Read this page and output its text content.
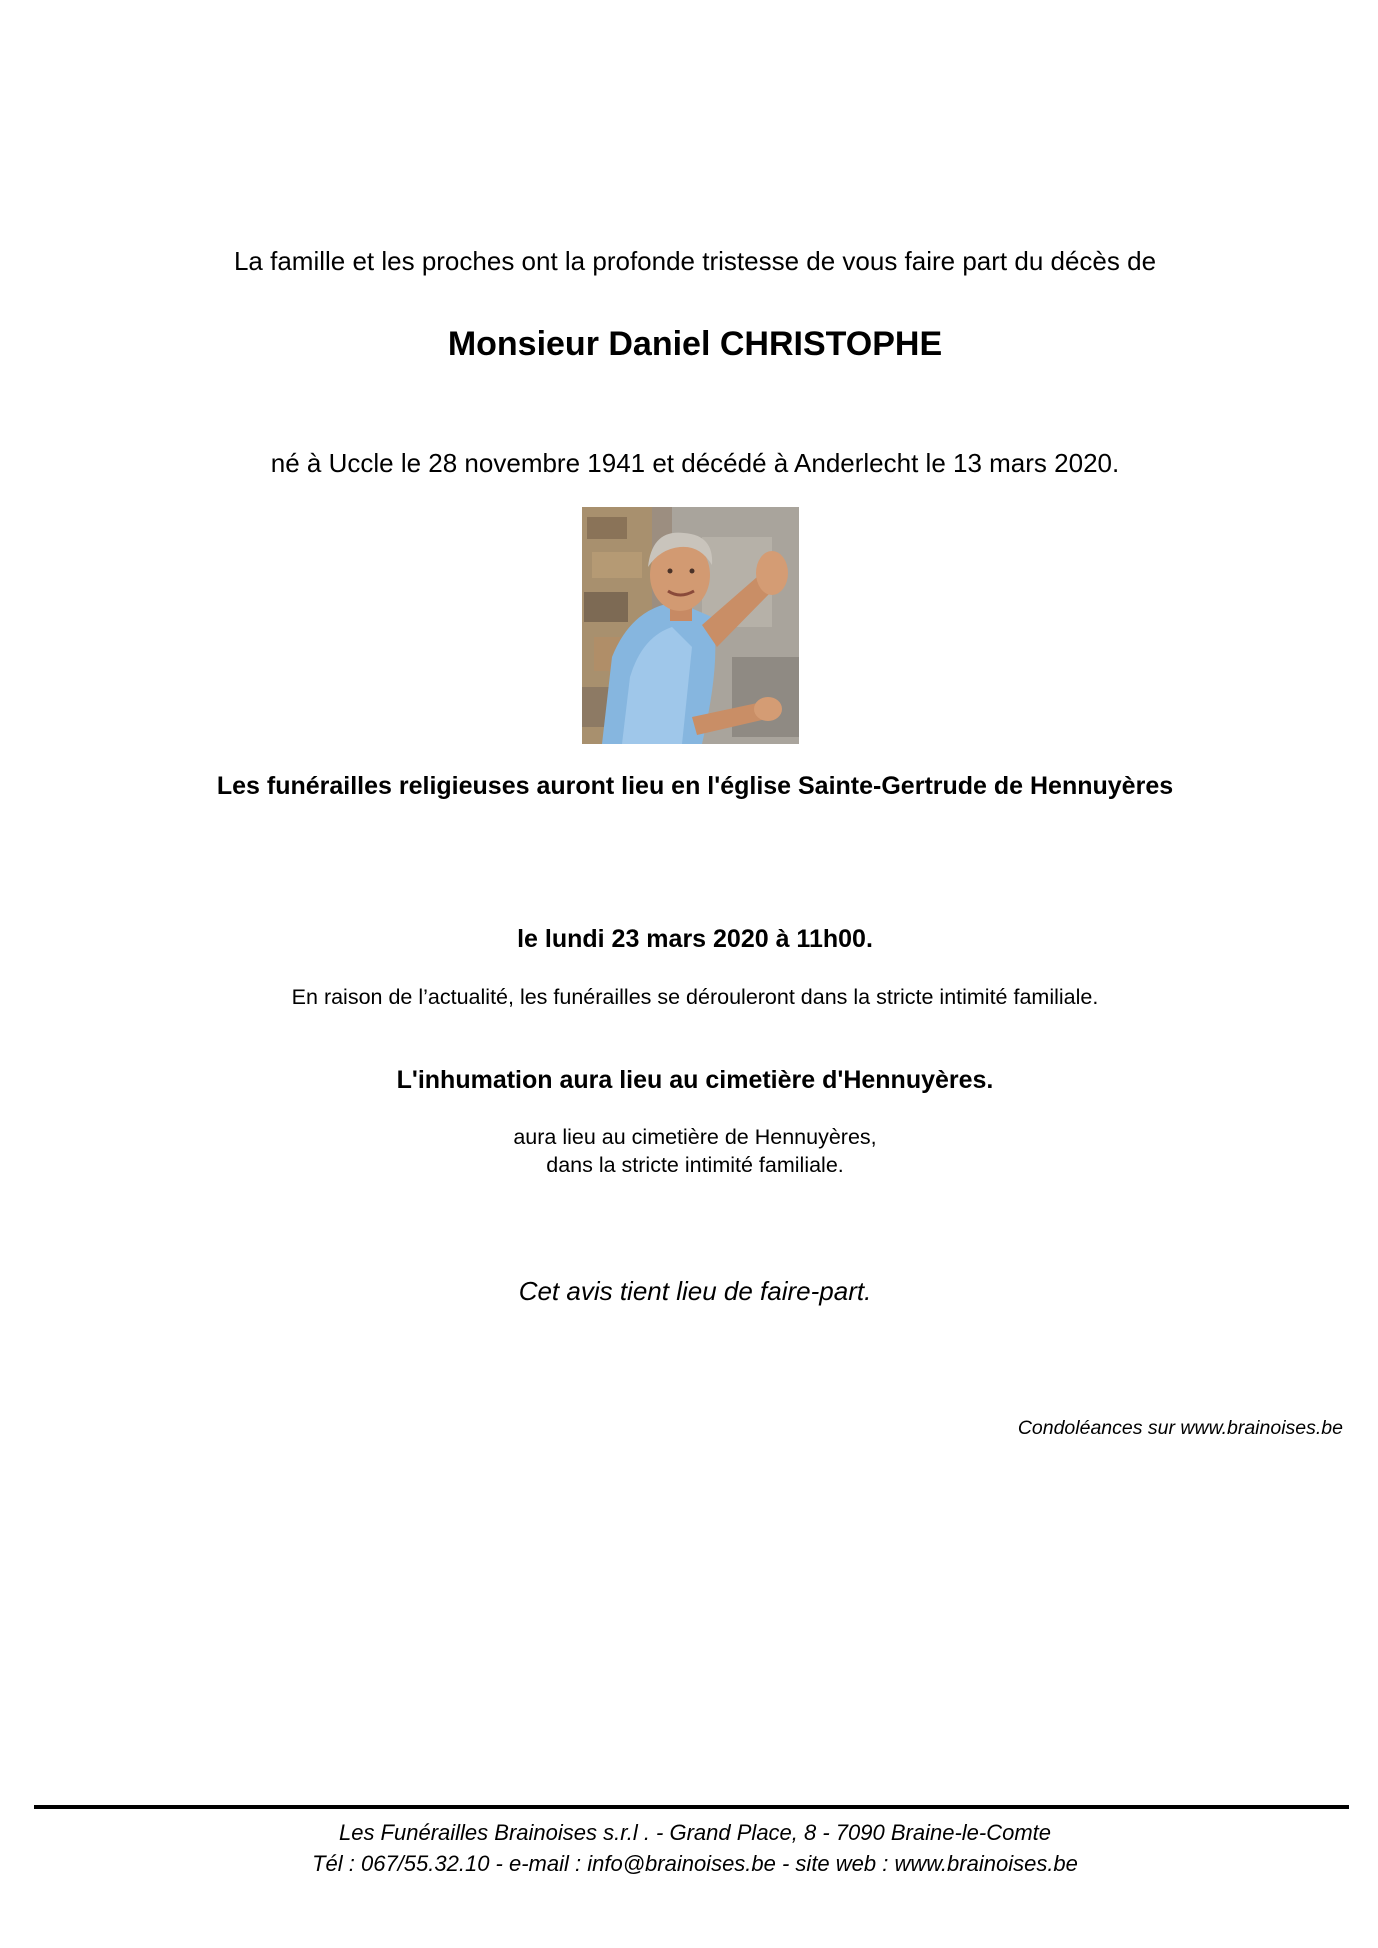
La famille et les proches ont la profonde tristesse de vous faire part du décès de
Monsieur Daniel CHRISTOPHE
né à Uccle le 28 novembre 1941 et décédé à Anderlecht le 13 mars 2020.
Les funérailles religieuses auront lieu en l'église Sainte-Gertrude de Hennuyères
le lundi 23 mars 2020 à 11h00.
En raison de l’actualité, les funérailles se dérouleront dans la stricte intimité familiale.
L'inhumation aura lieu au cimetière d'Hennuyères.
aura lieu au cimetière de Hennuyères,
dans la stricte intimité familiale.
Cet avis tient lieu de faire-part.
Condoléances sur www.brainoises.be
Les Funérailles Brainoises s.r.l . - Grand Place, 8 - 7090 Braine-le-Comte
Tél : 067/55.32.10 - e-mail : info@brainoises.be - site web : www.brainoises.be
